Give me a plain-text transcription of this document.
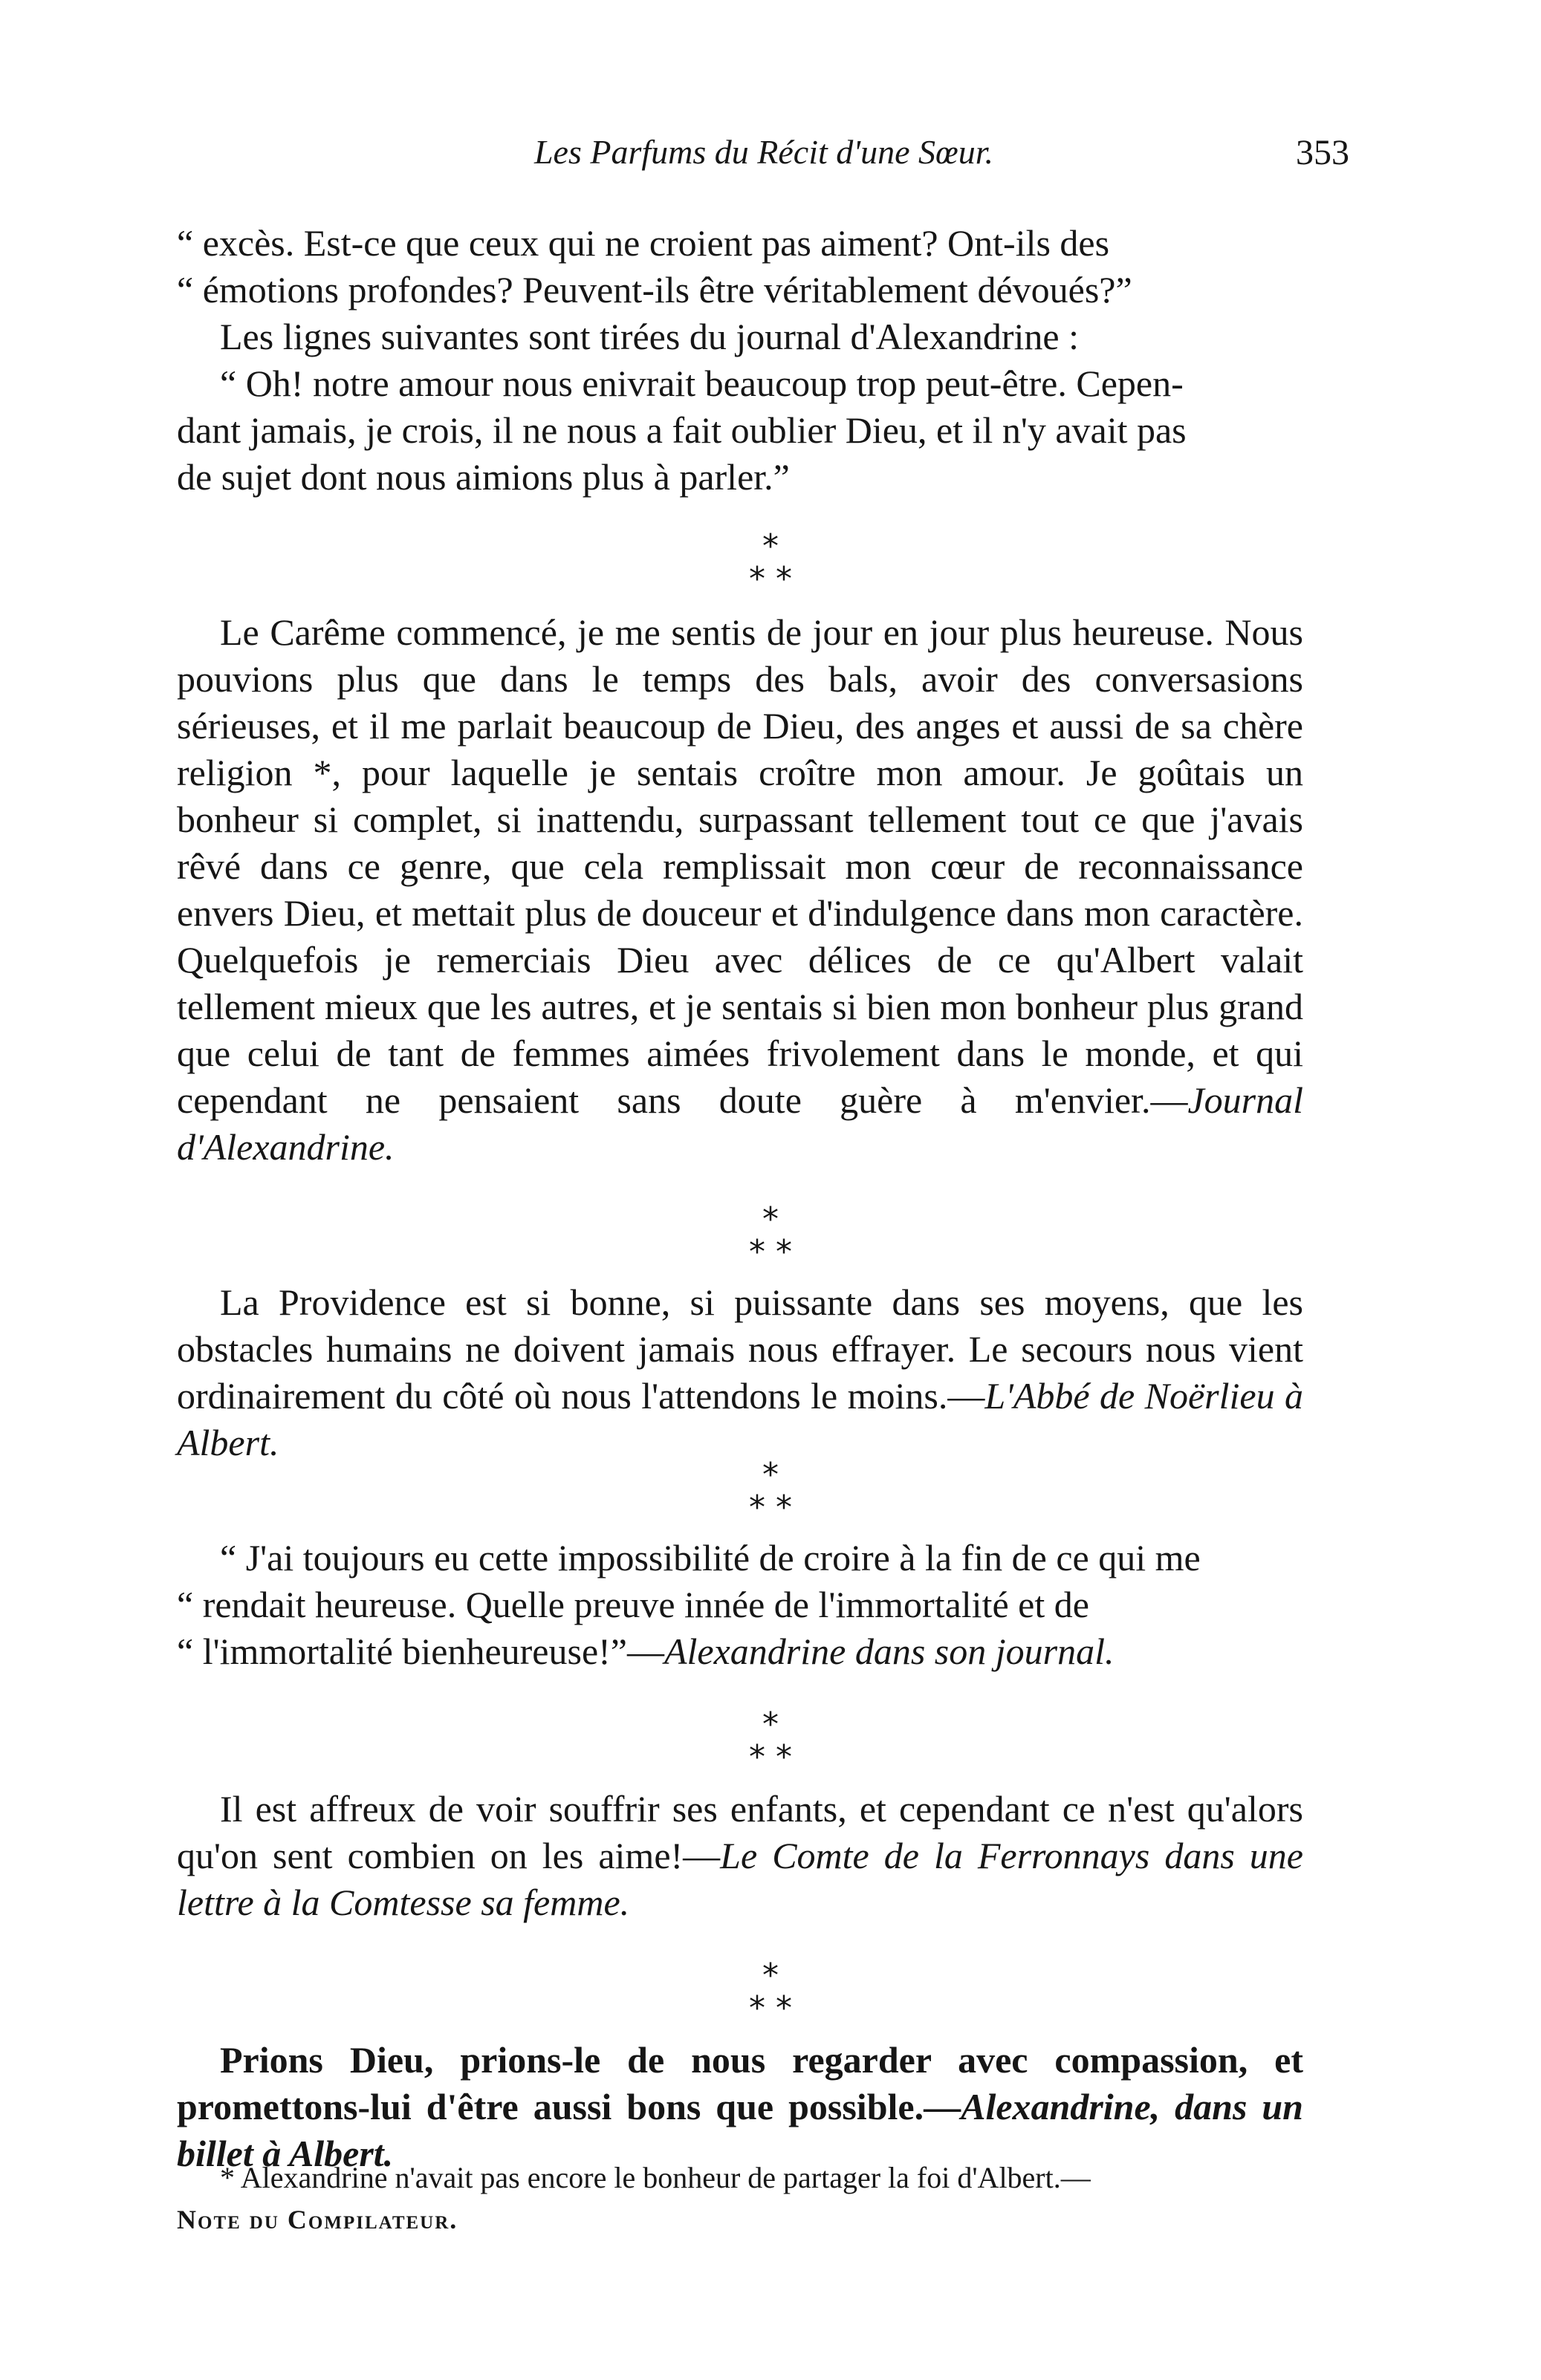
Les Parfums du Récit d'une Sœur.	353

“ excès. Est-ce que ceux qui ne croient pas aiment? Ont-ils des

“ émotions profondes? Peuvent-ils être véritablement dévoués?”

Les lignes suivantes sont tirées du journal d'Alexandrine :

“ Oh! notre amour nous enivrait beaucoup trop peut-être. Cepen-

dant jamais, je crois, il ne nous a fait oublier Dieu, et il n'y avait pas

de sujet dont nous aimions plus à parler.”

*
**

Le Carême commencé, je me sentis de jour en jour plus heureuse. Nous pouvions plus que dans le temps des bals, avoir des conversasions sérieuses, et il me parlait beaucoup de Dieu, des anges et aussi de sa chère religion *, pour laquelle je sentais croître mon amour. Je goûtais un bonheur si complet, si inattendu, surpassant tellement tout ce que j'avais rêvé dans ce genre, que cela remplissait mon cœur de reconnaissance envers Dieu, et mettait plus de douceur et d'indulgence dans mon caractère. Quelquefois je remerciais Dieu avec délices de ce qu'Albert valait tellement mieux que les autres, et je sentais si bien mon bonheur plus grand que celui de tant de femmes aimées frivolement dans le monde, et qui cependant ne pensaient sans doute guère à m'envier.—Journal d'Alexandrine.

*
**

La Providence est si bonne, si puissante dans ses moyens, que les obstacles humains ne doivent jamais nous effrayer. Le secours nous vient ordinairement du côté où nous l'attendons le moins.—L'Abbé de Noërlieu à Albert.

*
**

“ J'ai toujours eu cette impossibilité de croire à la fin de ce qui me

“ rendait heureuse. Quelle preuve innée de l'immortalité et de

“ l'immortalité bienheureuse!”—Alexandrine dans son journal.

*
**

Il est affreux de voir souffrir ses enfants, et cependant ce n'est qu'alors qu'on sent combien on les aime!—Le Comte de la Ferronnays dans une lettre à la Comtesse sa femme.

*
**

Prions Dieu, prions-le de nous regarder avec compassion, et promettons-lui d'être aussi bons que possible.—Alexandrine, dans un billet à Albert.

* Alexandrine n'avait pas encore le bonheur de partager la foi d'Albert.—
Note du Compilateur.
